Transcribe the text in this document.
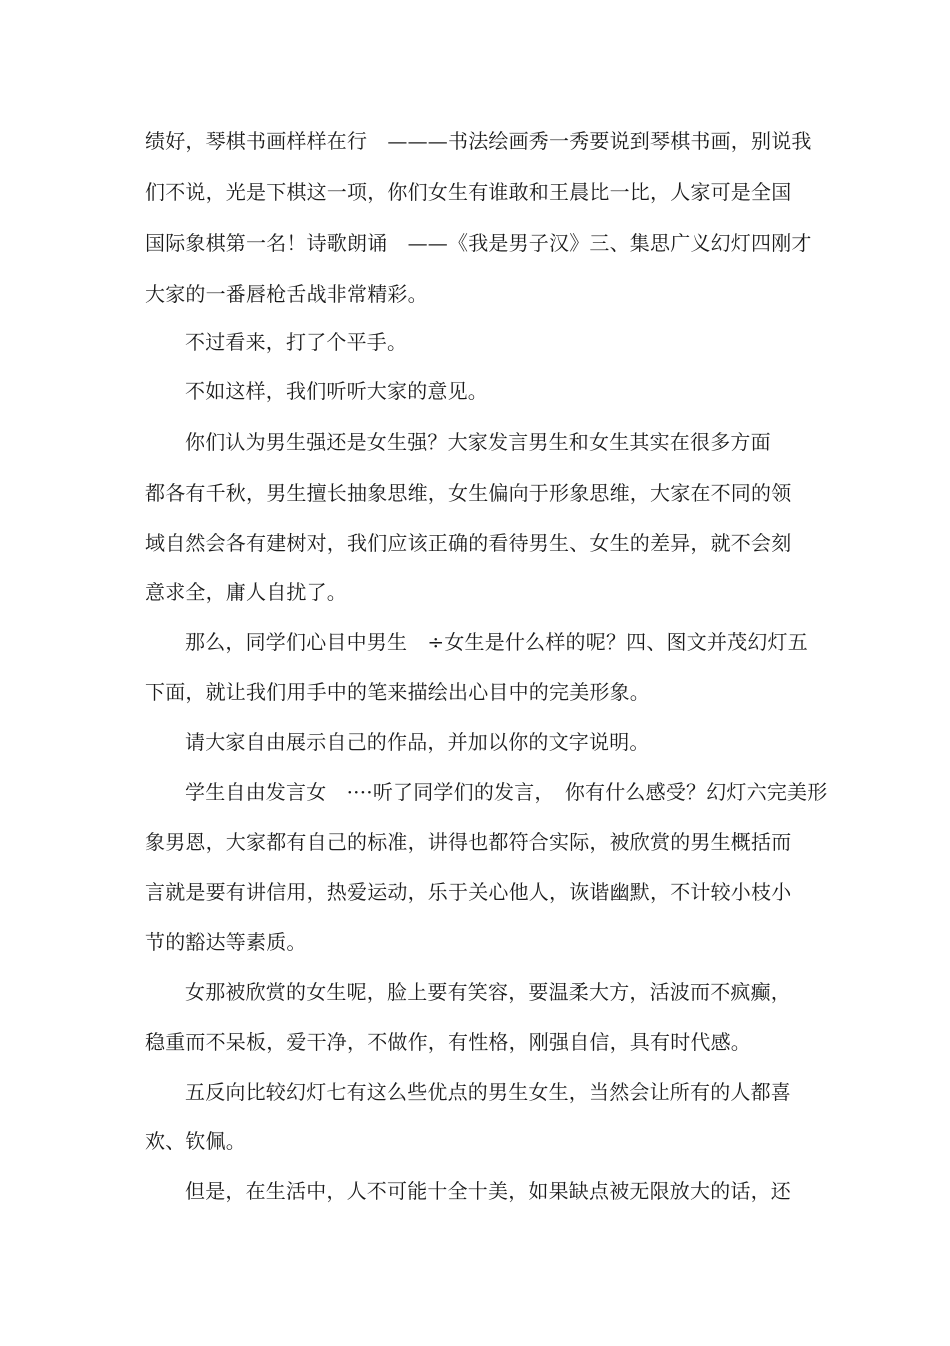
绩好，琴棋书画样样在行　———书法绘画秀一秀要说到琴棋书画，别说我
们不说，光是下棋这一项，你们女生有谁敢和王晨比一比，人家可是全国
国际象棋第一名！诗歌朗诵　——《我是男子汉》三、集思广义幻灯四刚才
大家的一番唇枪舌战非常精彩。
不过看来，打了个平手。
不如这样，我们听听大家的意见。
你们认为男生强还是女生强？大家发言男生和女生其实在很多方面
都各有千秋，男生擅长抽象思维，女生偏向于形象思维，大家在不同的领
域自然会各有建树对，我们应该正确的看待男生、女生的差异，就不会刻
意求全，庸人自扰了。
那么，同学们心目中男生　÷女生是什么样的呢？四、图文并茂幻灯五
下面，就让我们用手中的笔来描绘出心目中的完美形象。
请大家自由展示自己的作品，并加以你的文字说明。
学生自由发言女　····听了同学们的发言，　你有什么感受？幻灯六完美形
象男恩，大家都有自己的标准，讲得也都符合实际，被欣赏的男生概括而
言就是要有讲信用，热爱运动，乐于关心他人，诙谐幽默，不计较小枝小
节的豁达等素质。
女那被欣赏的女生呢，脸上要有笑容，要温柔大方，活波而不疯癫，
稳重而不呆板，爱干净，不做作，有性格，刚强自信，具有时代感。
五反向比较幻灯七有这么些优点的男生女生，当然会让所有的人都喜
欢、钦佩。
但是，在生活中，人不可能十全十美，如果缺点被无限放大的话，还
